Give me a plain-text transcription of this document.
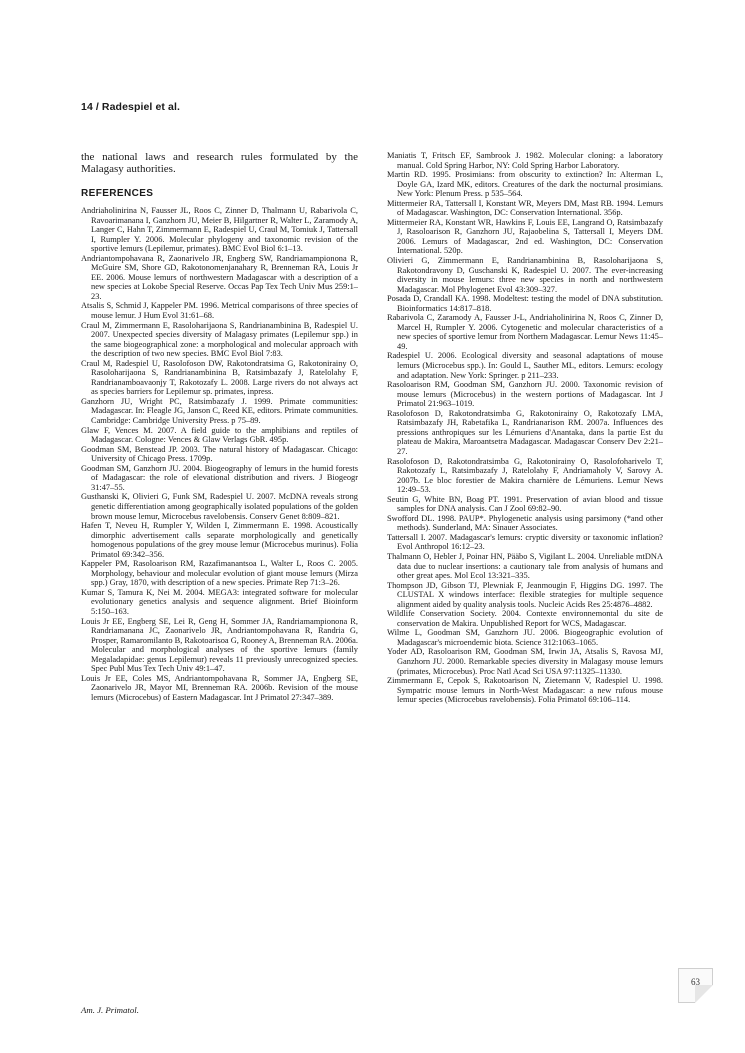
14 / Radespiel et al.

the national laws and research rules formulated by the Malagasy authorities.

REFERENCES

Andriaholinirina N, Fausser JL, Roos C, Zinner D, Thalmann U, Rabarivola C, Ravoarimanana I, Ganzhorn JU, Meier B, Hilgartner R, Walter L, Zaramody A, Langer C, Hahn T, Zimmermann E, Radespiel U, Craul M, Tomiuk J, Tattersall I, Rumpler Y. 2006. Molecular phylogeny and taxonomic revision of the sportive lemurs (Lepilemur, primates). BMC Evol Biol 6:1–13.

Andriantompohavana R, Zaonarivelo JR, Engberg SW, Randriamampionona R, McGuire SM, Shore GD, Rakotonomenjanahary R, Brenneman RA, Louis Jr EE. 2006. Mouse lemurs of northwestern Madagascar with a description of a new species at Lokobe Special Reserve. Occas Pap Tex Tech Univ Mus 259:1–23.

Atsalis S, Schmid J, Kappeler PM. 1996. Metrical comparisons of three species of mouse lemur. J Hum Evol 31:61–68.

Craul M, Zimmermann E, Rasoloharijaona S, Randrianambinina B, Radespiel U. 2007. Unexpected species diversity of Malagasy primates (Lepilemur spp.) in the same biogeographical zone: a morphological and molecular approach with the description of two new species. BMC Evol Biol 7:83.

Craul M, Radespiel U, Rasolofoson DW, Rakotondratsima G, Rakotonirainy O, Rasoloharijaona S, Randrianambinina B, Ratsimbazafy J, Ratelolahy F, Randrianamboavaonjy T, Rakotozafy L. 2008. Large rivers do not always act as species barriers for Lepilemur sp. primates, inpress.

Ganzhorn JU, Wright PC, Ratsimbazafy J. 1999. Primate communities: Madagascar. In: Fleagle JG, Janson C, Reed KE, editors. Primate communities. Cambridge: Cambridge University Press. p 75–89.

Glaw F, Vences M. 2007. A field guide to the amphibians and reptiles of Madagascar. Cologne: Vences & Glaw Verlags GbR. 495p.

Goodman SM, Benstead JP. 2003. The natural history of Madagascar. Chicago: University of Chicago Press. 1709p.

Goodman SM, Ganzhorn JU. 2004. Biogeography of lemurs in the humid forests of Madagascar: the role of elevational distribution and rivers. J Biogeogr 31:47–55.

Gusthanski K, Olivieri G, Funk SM, Radespiel U. 2007. McDNA reveals strong genetic differentiation among geographically isolated populations of the golden brown mouse lemur, Microcebus ravelobensis. Conserv Genet 8:809–821.

Hafen T, Neveu H, Rumpler Y, Wilden I, Zimmermann E. 1998. Acoustically dimorphic advertisement calls separate morphologically and genetically homogenous populations of the grey mouse lemur (Microcebus murinus). Folia Primatol 69:342–356.

Kappeler PM, Rasoloarison RM, Razafimanantsoa L, Walter L, Roos C. 2005. Morphology, behaviour and molecular evolution of giant mouse lemurs (Mirza spp.) Gray, 1870, with description of a new species. Primate Rep 71:3–26.

Kumar S, Tamura K, Nei M. 2004. MEGA3: integrated software for molecular evolutionary genetics analysis and sequence alignment. Brief Bioinform 5:150–163.

Louis Jr EE, Engberg SE, Lei R, Geng H, Sommer JA, Randriamampionona R, Randriamanana JC, Zaonarivelo JR, Andriantompohavana R, Randria G, Prosper, Ramaromilanto B, Rakotoarisoa G, Rooney A, Brenneman RA. 2006a. Molecular and morphological analyses of the sportive lemurs (family Megaladapidae: genus Lepilemur) reveals 11 previously unrecognized species. Spec Publ Mus Tex Tech Univ 49:1–47.

Louis Jr EE, Coles MS, Andriantompohavana R, Sommer JA, Engberg SE, Zaonarivelo JR, Mayor MI, Brenneman RA. 2006b. Revision of the mouse lemurs (Microcebus) of Eastern Madagascar. Int J Primatol 27:347–389.

Maniatis T, Fritsch EF, Sambrook J. 1982. Molecular cloning: a laboratory manual. Cold Spring Harbor, NY: Cold Spring Harbor Laboratory.

Martin RD. 1995. Prosimians: from obscurity to extinction? In: Alterman L, Doyle GA, Izard MK, editors. Creatures of the dark the nocturnal prosimians. New York: Plenum Press. p 535–564.

Mittermeier RA, Tattersall I, Konstant WR, Meyers DM, Mast RB. 1994. Lemurs of Madagascar. Washington, DC: Conservation International. 356p.

Mittermeier RA, Konstant WR, Hawkins F, Louis EE, Langrand O, Ratsimbazafy J, Rasoloarison R, Ganzhorn JU, Rajaobelina S, Tattersall I, Meyers DM. 2006. Lemurs of Madagascar, 2nd ed. Washington, DC: Conservation International. 520p.

Olivieri G, Zimmermann E, Randrianambinina B, Rasoloharijaona S, Rakotondravony D, Guschanski K, Radespiel U. 2007. The ever-increasing diversity in mouse lemurs: three new species in north and northwestern Madagascar. Mol Phylogenet Evol 43:309–327.

Posada D, Crandall KA. 1998. Modeltest: testing the model of DNA substitution. Bioinformatics 14:817–818.

Rabarivola C, Zaramody A, Fausser J-L, Andriaholinirina N, Roos C, Zinner D, Marcel H, Rumpler Y. 2006. Cytogenetic and molecular characteristics of a new species of sportive lemur from Northern Madagascar. Lemur News 11:45–49.

Radespiel U. 2006. Ecological diversity and seasonal adaptations of mouse lemurs (Microcebus spp.). In: Gould L, Sauther ML, editors. Lemurs: ecology and adaptation. New York: Springer. p 211–233.

Rasoloarison RM, Goodman SM, Ganzhorn JU. 2000. Taxonomic revision of mouse lemurs (Microcebus) in the western portions of Madagascar. Int J Primatol 21:963–1019.

Rasolofoson D, Rakotondratsimba G, Rakotonirainy O, Rakotozafy LMA, Ratsimbazafy JH, Rabetafika L, Randrianarison RM. 2007a. Influences des pressions anthropiques sur les Lémuriens d'Anantaka, dans la partie Est du plateau de Makira, Maroantsetra Madagascar. Madagascar Conserv Dev 2:21–27.

Rasolofoson D, Rakotondratsimba G, Rakotonirainy O, Rasolofoharivelo T, Rakotozafy L, Ratsimbazafy J, Ratelolahy F, Andriamaholy V, Sarovy A. 2007b. Le bloc forestier de Makira charnière de Lémuriens. Lemur News 12:49–53.

Seutin G, White BN, Boag PT. 1991. Preservation of avian blood and tissue samples for DNA analysis. Can J Zool 69:82–90.

Swofford DL. 1998. PAUP*. Phylogenetic analysis using parsimony (*and other methods). Sunderland, MA: Sinauer Associates.

Tattersall I. 2007. Madagascar's lemurs: cryptic diversity or taxonomic inflation? Evol Anthropol 16:12–23.

Thalmann O, Hebler J, Poinar HN, Pääbo S, Vigilant L. 2004. Unreliable mtDNA data due to nuclear insertions: a cautionary tale from analysis of humans and other great apes. Mol Ecol 13:321–335.

Thompson JD, Gibson TJ, Plewniak F, Jeanmougin F, Higgins DG. 1997. The CLUSTAL X windows interface: flexible strategies for multiple sequence alignment aided by quality analysis tools. Nucleic Acids Res 25:4876–4882.

Wildlife Conservation Society. 2004. Contexte environnemontal du site de conservation de Makira. Unpublished Report for WCS, Madagascar.

Wilme L, Goodman SM, Ganzhorn JU. 2006. Biogeographic evolution of Madagascar's microendemic biota. Science 312:1063–1065.

Yoder AD, Rasoloarison RM, Goodman SM, Irwin JA, Atsalis S, Ravosa MJ, Ganzhorn JU. 2000. Remarkable species diversity in Malagasy mouse lemurs (primates, Microcebus). Proc Natl Acad Sci USA 97:11325–11330.

Zimmermann E, Cepok S, Rakotoarison N, Zietemann V, Radespiel U. 1998. Sympatric mouse lemurs in North-West Madagascar: a new rufous mouse lemur species (Microcebus ravelobensis). Folia Primatol 69:106–114.

Am. J. Primatol.
63
